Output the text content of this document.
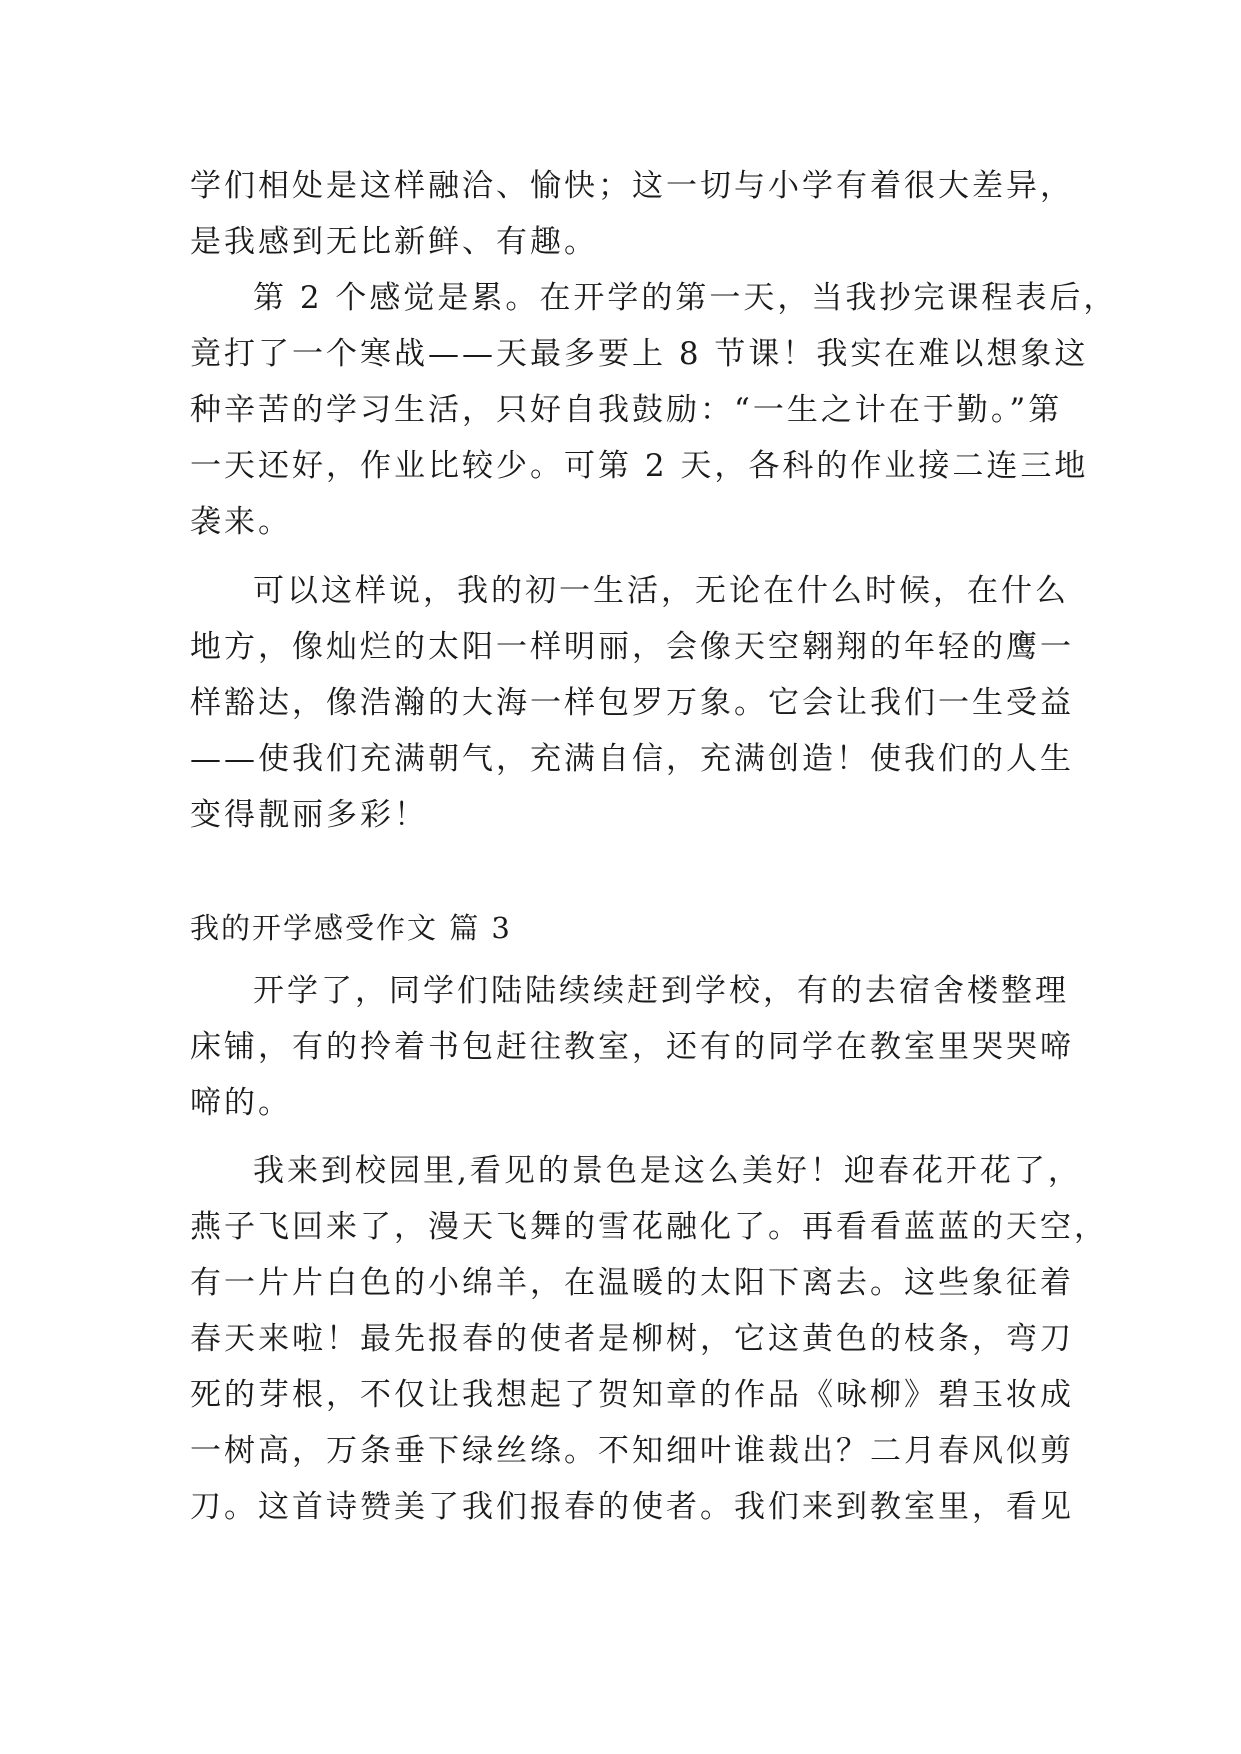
学们相处是这样融洽、愉快；这一切与小学有着很大差异，
是我感到无比新鲜、有趣。
第 2 个感觉是累。在开学的第一天，当我抄完课程表后，
竟打了一个寒战——天最多要上 8 节课！我实在难以想象这
种辛苦的学习生活，只好自我鼓励：“一生之计在于勤。”第
一天还好，作业比较少。可第 2 天，各科的作业接二连三地
袭来。
可以这样说，我的初一生活，无论在什么时候，在什么
地方，像灿烂的太阳一样明丽，会像天空翱翔的年轻的鹰一
样豁达，像浩瀚的大海一样包罗万象。它会让我们一生受益
——使我们充满朝气，充满自信，充满创造！使我们的人生
变得靓丽多彩！
我的开学感受作文 篇 3
开学了，同学们陆陆续续赶到学校，有的去宿舍楼整理
床铺，有的拎着书包赶往教室，还有的同学在教室里哭哭啼
啼的。
我来到校园里,看见的景色是这么美好！迎春花开花了，
燕子飞回来了，漫天飞舞的雪花融化了。再看看蓝蓝的天空，
有一片片白色的小绵羊，在温暖的太阳下离去。这些象征着
春天来啦！最先报春的使者是柳树，它这黄色的枝条，弯刀
死的芽根，不仅让我想起了贺知章的作品《咏柳》碧玉妆成
一树高，万条垂下绿丝绦。不知细叶谁裁出？二月春风似剪
刀。这首诗赞美了我们报春的使者。我们来到教室里，看见
